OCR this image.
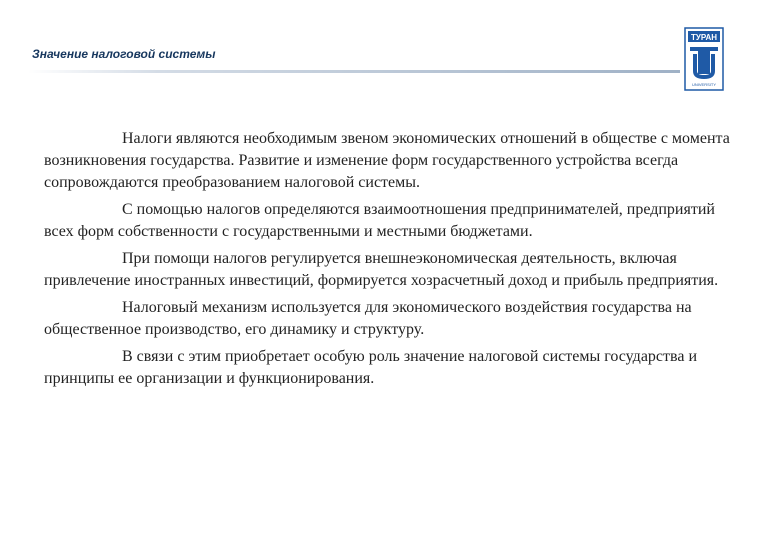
Значение налоговой системы
ТУРАН
UNIVERSITY

Налоги являются необходимым звеном экономических отношений в обществе с момента возникновения государства. Развитие и изменение форм государственного устройства всегда сопровождаются преобразованием налоговой системы.

С помощью налогов определяются взаимоотношения предпринимателей, предприятий всех форм собственности с государственными и местными бюджетами.

При помощи налогов регулируется внешнеэкономическая деятельность, включая привлечение иностранных инвестиций, формируется хозрасчетный доход и прибыль предприятия.

Налоговый механизм используется для экономического воздействия государства на общественное производство, его динамику и структуру.

В связи с этим приобретает особую роль значение налоговой системы государства и принципы ее организации и функционирования.
